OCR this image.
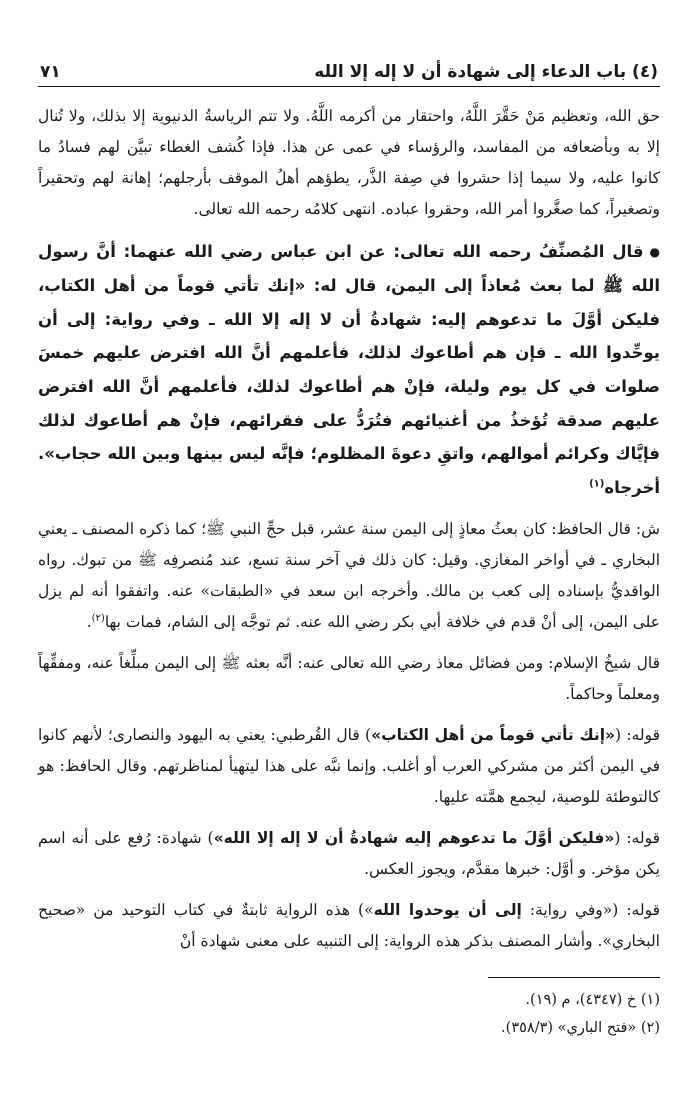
(٤) باب الدعاء إلى شهادة أن لا إله إلا الله
٧١

حق الله، وتعظيم مَنْ حَقَّرَ اللَّهُ، واحتقار من أكرمه اللَّهُ. ولا تتم الرياسةُ الدنيوية إلا بذلك، ولا تُنال إلا به وبأضعافه من المفاسد، والرؤساء في عمى عن هذا. فإذا كُشف الغطاء تبيَّن لهم فسادُ ما كانوا عليه، ولا سيما إذا حشروا في صِفة الذَّر، يطؤهم أهلُ الموقف بأرجلهم؛ إهانة لهم وتحقيراً وتصغيراً، كما صغَّروا أمر الله، وحقروا عباده. انتهى كلامُه رحمه الله تعالى.

●قال المُصنِّفُ رحمه الله تعالى: عن ابن عباس رضي الله عنهما: أنَّ رسول الله ﷺ لما بعث مُعاذاً إلى اليمن، قال له: «إنك تأتي قوماً من أهل الكتاب، فليكن أوَّلَ ما تدعوهم إليه: شهادةُ أن لا إله إلا الله ـ وفي رواية: إلى أن يوحِّدوا الله ـ فإن هم أطاعوك لذلك، فأعلمهم أنَّ الله افترض عليهم خمسَ صلوات في كل يوم وليلة، فإنْ هم أطاعوك لذلك، فأعلمهم أنَّ الله افترض عليهم صدقة تُؤخذُ من أغنيائهم فتُرَدُّ على فقرائهم، فإنْ هم أطاعوك لذلك فإيَّاك وكرائم أموالهم، واتقِ دعوةَ المظلوم؛ فإنَّه ليس بينها وبين الله حجاب». أخرجاه$^{(١)}$

ش: قال الحافظ: كان بعثُ معاذٍ إلى اليمن سنة عشر، قبل حجِّ النبي ﷺ؛ كما ذكره المصنف ـ يعني البخاري ـ في أواخر المغازي. وقيل: كان ذلك في آخر سنة تسع، عند مُنصرفِه ﷺ من تبوك. رواه الواقديُّ بإسناده إلى كعب بن مالك. وأخرجه ابن سعد في «الطبقات» عنه. واتفقوا أنه لم يزل على اليمن، إلى أنْ قدم في خلافة أبي بكر رضي الله عنه. ثم توجَّه إلى الشام، فمات بها$^{(٢)}$.

قال شيخُ الإسلام: ومن فضائل معاذ رضي الله تعالى عنه: أنَّه بعثه ﷺ إلى اليمن مبلِّغاً عنه، ومفقِّهاً ومعلماً وحاكماً.

قوله: («إنك تأتي قوماً من أهل الكتاب») قال القُرطبي: يعني به اليهود والنصارى؛ لأنهم كانوا في اليمن أكثر من مشركي العرب أو أغلب. وإنما نبَّه على هذا ليتهيأ لمناظرتهم. وقال الحافظ: هو كالتوطئة للوصية، ليجمع همَّته عليها.

قوله: («فليكن أوَّلَ ما تدعوهم إليه شهادةُ أن لا إله إلا الله») شهادة: رُفع على أنه اسم يكن مؤخر. و أوَّل: خبرها مقدَّم، ويجوز العكس.

قوله: («وفي رواية: إلى أن يوحدوا الله») هذه الرواية ثابتةٌ في كتاب التوحيد من «صحيح البخاري». وأشار المصنف بذكر هذه الرواية: إلى التنبيه على معنى شهادة أنْ

(١) خ (٤٣٤٧)، م (١٩).

(٢) «فتح الباري» (٣٥٨/٣).
